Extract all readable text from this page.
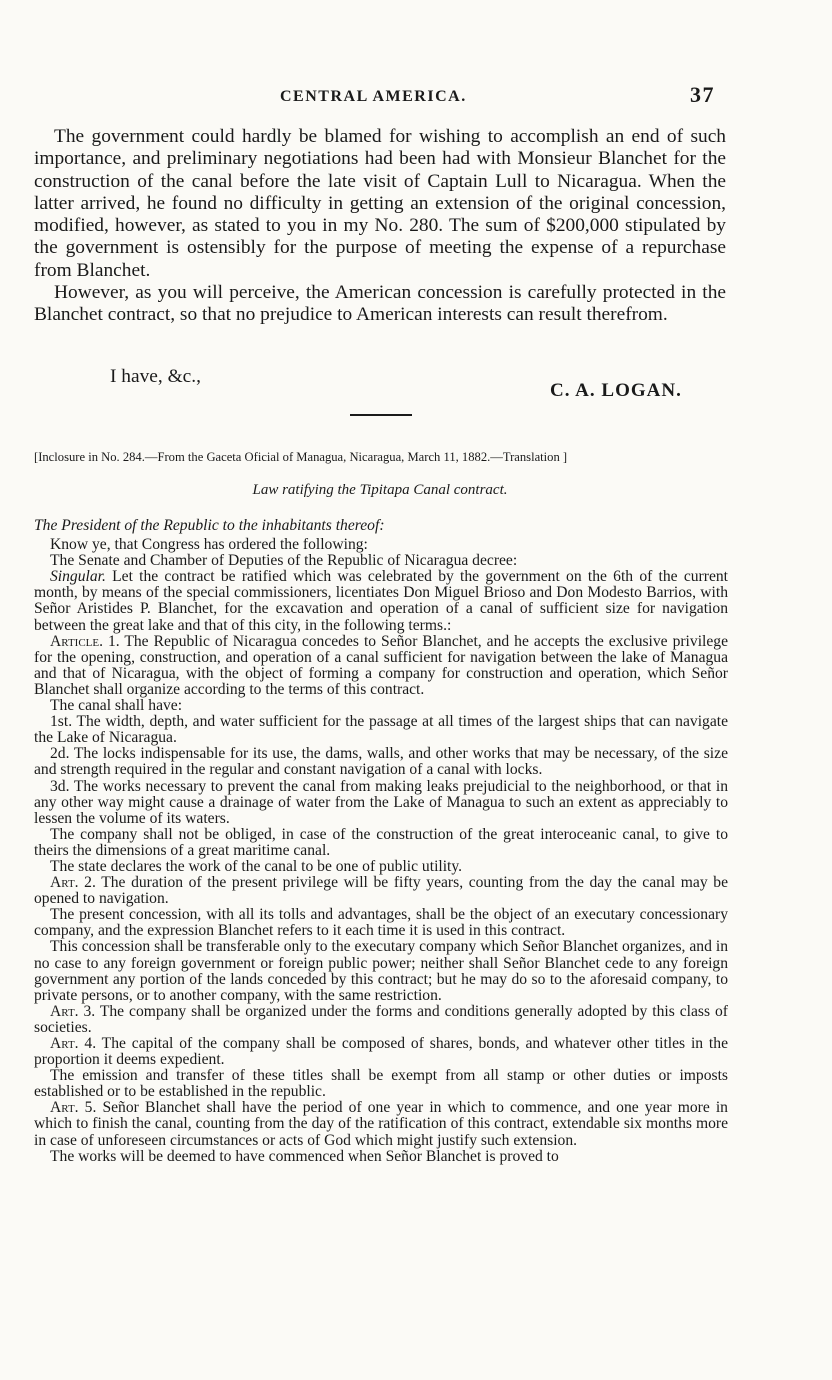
CENTRAL AMERICA.	37

The government could hardly be blamed for wishing to accomplish an end of such importance, and preliminary negotiations had been had with Monsieur Blanchet for the construction of the canal before the late visit of Captain Lull to Nicaragua. When the latter arrived, he found no difficulty in getting an extension of the original concession, modified, however, as stated to you in my No. 280. The sum of $200,000 stipulated by the government is ostensibly for the purpose of meeting the expense of a repurchase from Blanchet.

However, as you will perceive, the American concession is carefully protected in the Blanchet contract, so that no prejudice to American interests can result therefrom.

I have, &c.,
C. A. LOGAN.
[Inclosure in No. 284.—From the Gaceta Oficial of Managua, Nicaragua, March 11, 1882.—Translation ]
Law ratifying the Tipitapa Canal contract.

The President of the Republic to the inhabitants thereof:

Know ye, that Congress has ordered the following:

The Senate and Chamber of Deputies of the Republic of Nicaragua decree:

Singular. Let the contract be ratified which was celebrated by the government on the 6th of the current month, by means of the special commissioners, licentiates Don Miguel Brioso and Don Modesto Barrios, with Señor Aristides P. Blanchet, for the excavation and operation of a canal of sufficient size for navigation between the great lake and that of this city, in the following terms.:

Article. 1. The Republic of Nicaragua concedes to Señor Blanchet, and he accepts the exclusive privilege for the opening, construction, and operation of a canal sufficient for navigation between the lake of Managua and that of Nicaragua, with the object of forming a company for construction and operation, which Señor Blanchet shall organize according to the terms of this contract.

The canal shall have:

1st. The width, depth, and water sufficient for the passage at all times of the largest ships that can navigate the Lake of Nicaragua.

2d. The locks indispensable for its use, the dams, walls, and other works that may be necessary, of the size and strength required in the regular and constant navigation of a canal with locks.

3d. The works necessary to prevent the canal from making leaks prejudicial to the neighborhood, or that in any other way might cause a drainage of water from the Lake of Managua to such an extent as appreciably to lessen the volume of its waters.

The company shall not be obliged, in case of the construction of the great interoceanic canal, to give to theirs the dimensions of a great maritime canal.

The state declares the work of the canal to be one of public utility.

Art. 2. The duration of the present privilege will be fifty years, counting from the day the canal may be opened to navigation.

The present concession, with all its tolls and advantages, shall be the object of an executary concessionary company, and the expression Blanchet refers to it each time it is used in this contract.

This concession shall be transferable only to the executary company which Señor Blanchet organizes, and in no case to any foreign government or foreign public power; neither shall Señor Blanchet cede to any foreign government any portion of the lands conceded by this contract; but he may do so to the aforesaid company, to private persons, or to another company, with the same restriction.

Art. 3. The company shall be organized under the forms and conditions generally adopted by this class of societies.

Art. 4. The capital of the company shall be composed of shares, bonds, and whatever other titles in the proportion it deems expedient.

The emission and transfer of these titles shall be exempt from all stamp or other duties or imposts established or to be established in the republic.

Art. 5. Señor Blanchet shall have the period of one year in which to commence, and one year more in which to finish the canal, counting from the day of the ratification of this contract, extendable six months more in case of unforeseen circumstances or acts of God which might justify such extension.

The works will be deemed to have commenced when Señor Blanchet is proved to
